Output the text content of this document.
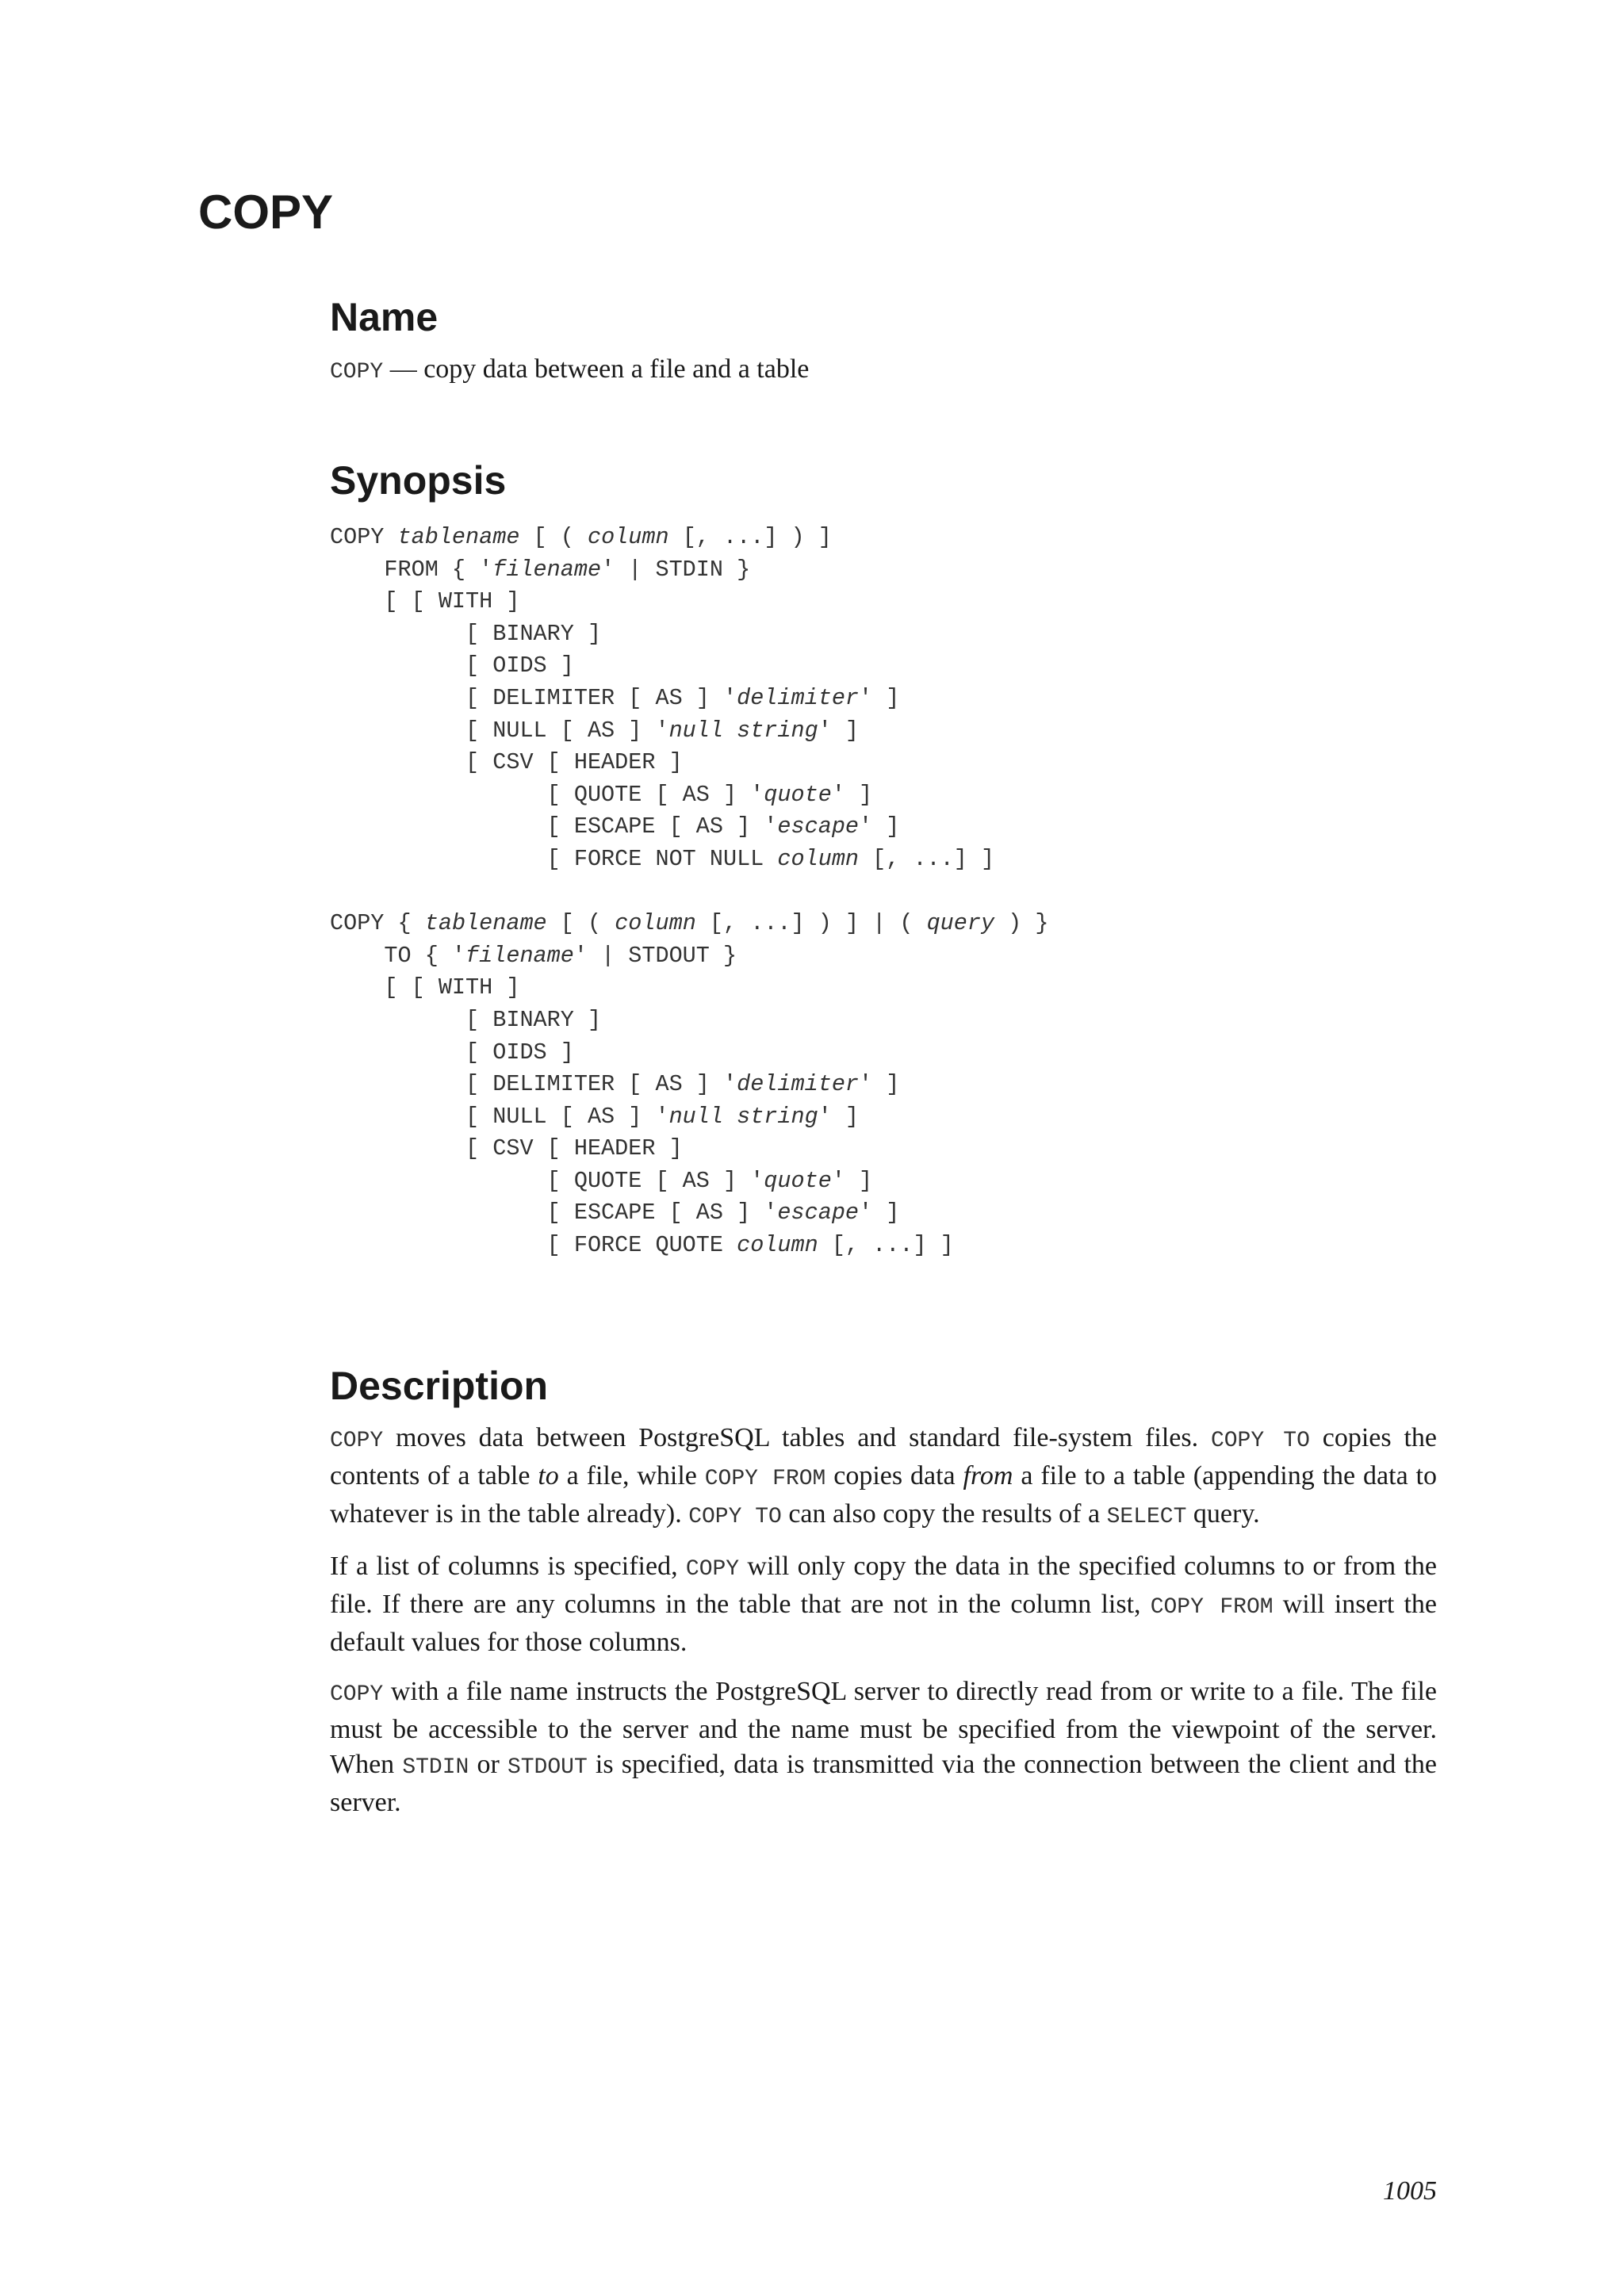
COPY
Name

COPY — copy data between a file and a table

Synopsis
COPY tablename [ ( column [, ...] ) ]
FROM { 'filename' | STDIN }
[ [ WITH ]
[ BINARY ]
[ OIDS ]
[ DELIMITER [ AS ] 'delimiter' ]
[ NULL [ AS ] 'null string' ]
[ CSV [ HEADER ]
[ QUOTE [ AS ] 'quote' ]
[ ESCAPE [ AS ] 'escape' ]
[ FORCE NOT NULL column [, ...] ]
COPY { tablename [ ( column [, ...] ) ] | ( query ) }
TO { 'filename' | STDOUT }
[ [ WITH ]
[ BINARY ]
[ OIDS ]
[ DELIMITER [ AS ] 'delimiter' ]
[ NULL [ AS ] 'null string' ]
[ CSV [ HEADER ]
[ QUOTE [ AS ] 'quote' ]
[ ESCAPE [ AS ] 'escape' ]
[ FORCE QUOTE column [, ...] ]
Description

COPY moves data between PostgreSQL tables and standard file-system files. COPY TO copies the contents of a table to a file, while COPY FROM copies data from a file to a table (appending the data to whatever is in the table already). COPY TO can also copy the results of a SELECT query.

If a list of columns is specified, COPY will only copy the data in the specified columns to or from the file. If there are any columns in the table that are not in the column list, COPY FROM will insert the default values for those columns.

COPY with a file name instructs the PostgreSQL server to directly read from or write to a file. The file must be accessible to the server and the name must be specified from the viewpoint of the server. When STDIN or STDOUT is specified, data is transmitted via the connection between the client and the server.

1005
